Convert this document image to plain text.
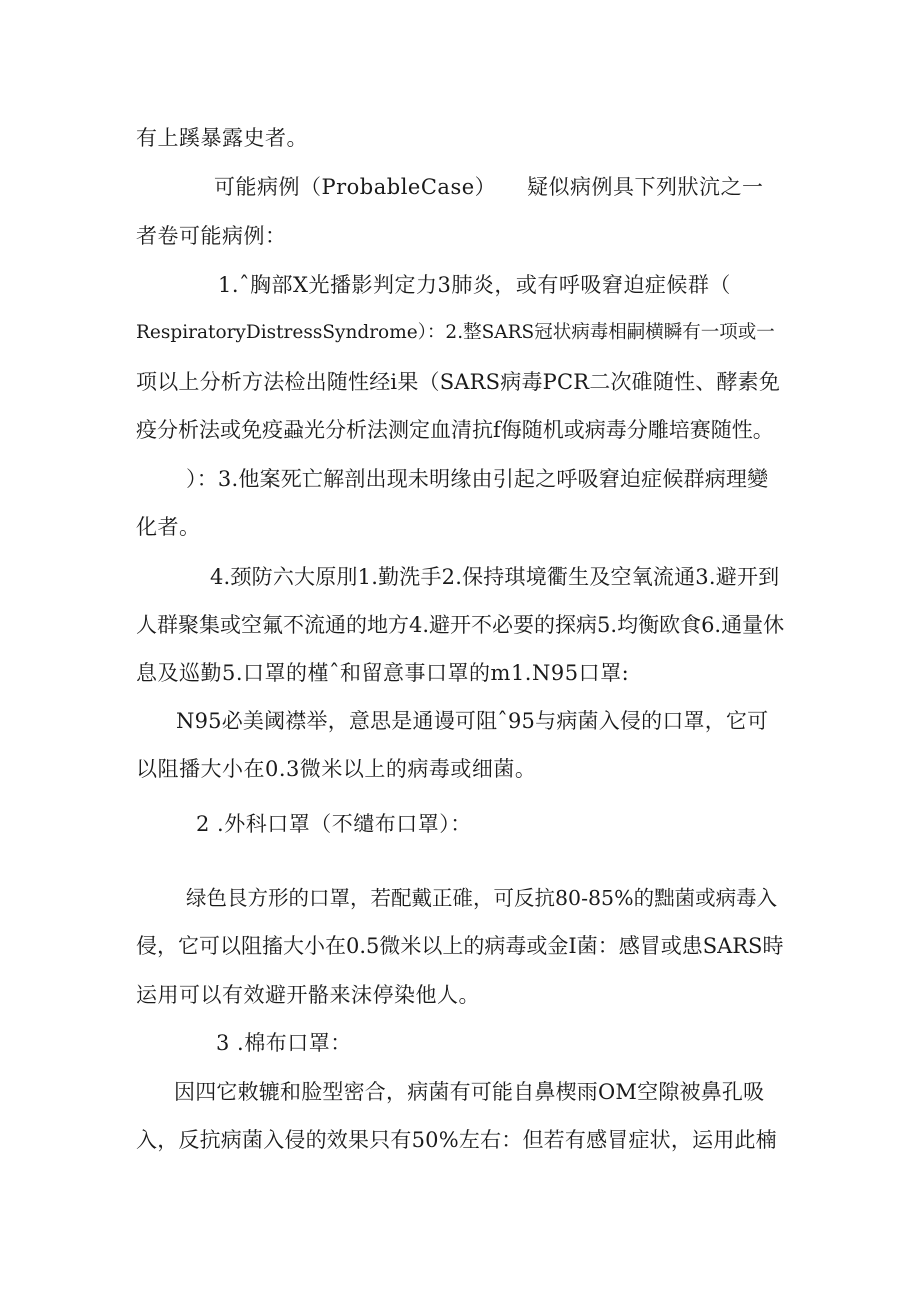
有上蹊暴露史者。
可能病例（ProbableCase） 疑似病例具下列狀沆之一
者卷可能病例：
1.ˆ胸部X光播影判定力3肺炎，或有呼吸窘迫症候群（
RespiratoryDistressSyndrome）：2.整SARS冠状病毒相嗣横瞬有一项或一
项以上分析方法检出随性经i果（SARS病毒PCR二次碓随性、酵素免
疫分析法或免疫蝨光分析法测定血清抗f侮随机或病毒分雕培赛随性。
）：3.他案死亡解剖出现未明缘由引起之呼吸窘迫症候群病理變
化者。
4.颈防六大原刖1.勤洗手2.保持琪境衢生及空氧流通3.避开到
人群聚集或空氟不流通的地方4.避开不必要的探病5.均衡欧食6.通量休
息及巡勤5.口罩的槿ˆ和留意事口罩的m1.N95口罩:
N95必美阈襟举，意思是通谩可阻ˆ95与病菌入侵的口罩，它可
以阻播大小在0.3微米以上的病毒或细菌。
2 .外科口罩（不缱布口罩）：
绿色艮方形的口罩，若配戴正碓，可反抗80-85%的黜菌或病毒入
侵，它可以阻搐大小在0.5微米以上的病毒或金I菌：感冒或患SARS時
运用可以有效避开骼来沫停染他人。
3 .棉布口罩：
因四它敕辘和脸型密合，病菌有可能自鼻楔雨OM空隙被鼻孔吸
入，反抗病菌入侵的效果只有50%左右：但若有感冒症状，运用此楠
